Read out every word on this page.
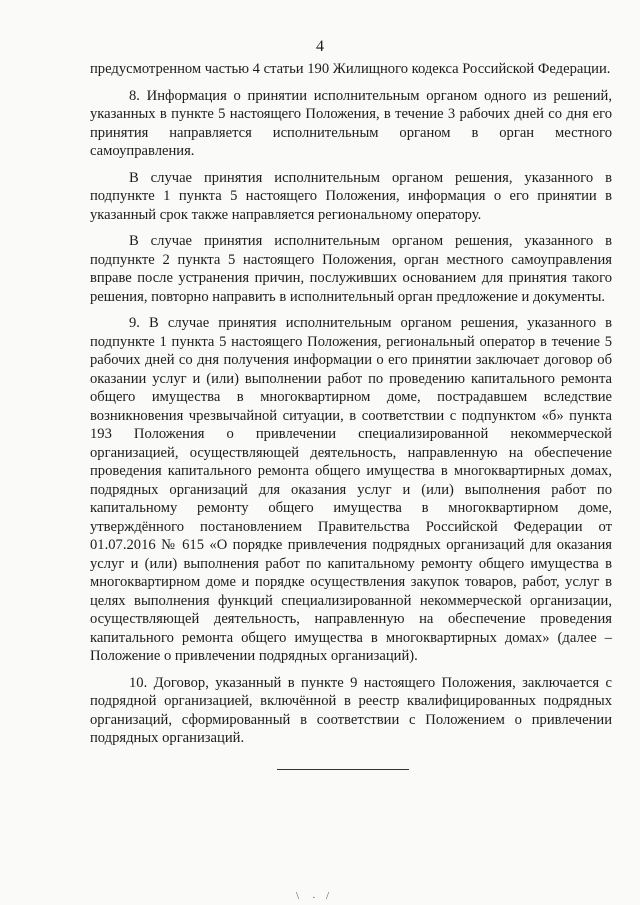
4

предусмотренном частью 4 статьи 190 Жилищного кодекса Российской Федерации.

8. Информация о принятии исполнительным органом одного из решений, указанных в пункте 5 настоящего Положения, в течение 3 рабочих дней со дня его принятия направляется исполнительным органом в орган местного самоуправления.

В случае принятия исполнительным органом решения, указанного в подпункте 1 пункта 5 настоящего Положения, информация о его принятии в указанный срок также направляется региональному оператору.

В случае принятия исполнительным органом решения, указанного в подпункте 2 пункта 5 настоящего Положения, орган местного самоуправления вправе после устранения причин, послуживших основанием для принятия такого решения, повторно направить в исполнительный орган предложение и документы.

9. В случае принятия исполнительным органом решения, указанного в подпункте 1 пункта 5 настоящего Положения, региональный оператор в течение 5 рабочих дней со дня получения информации о его принятии заключает договор об оказании услуг и (или) выполнении работ по проведению капитального ремонта общего имущества в многоквартирном доме, пострадавшем вследствие возникновения чрезвычайной ситуации, в соответствии с подпунктом «б» пункта 193 Положения о привлечении специализированной некоммерческой организацией, осуществляющей деятельность, направленную на обеспечение проведения капитального ремонта общего имущества в многоквартирных домах, подрядных организаций для оказания услуг и (или) выполнения работ по капитальному ремонту общего имущества в многоквартирном доме, утверждённого постановлением Правительства Российской Федерации от 01.07.2016 № 615 «О порядке привлечения подрядных организаций для оказания услуг и (или) выполнения работ по капитальному ремонту общего имущества в многоквартирном доме и порядке осуществления закупок товаров, работ, услуг в целях выполнения функций специализированной некоммерческой организации, осуществляющей деятельность, направленную на обеспечение проведения капитального ремонта общего имущества в многоквартирных домах» (далее – Положение о привлечении подрядных организаций).

10. Договор, указанный в пункте 9 настоящего Положения, заключается с подрядной организацией, включённой в реестр квалифицированных подрядных организаций, сформированный в соответствии с Положением о привлечении подрядных организаций.

\ · /
